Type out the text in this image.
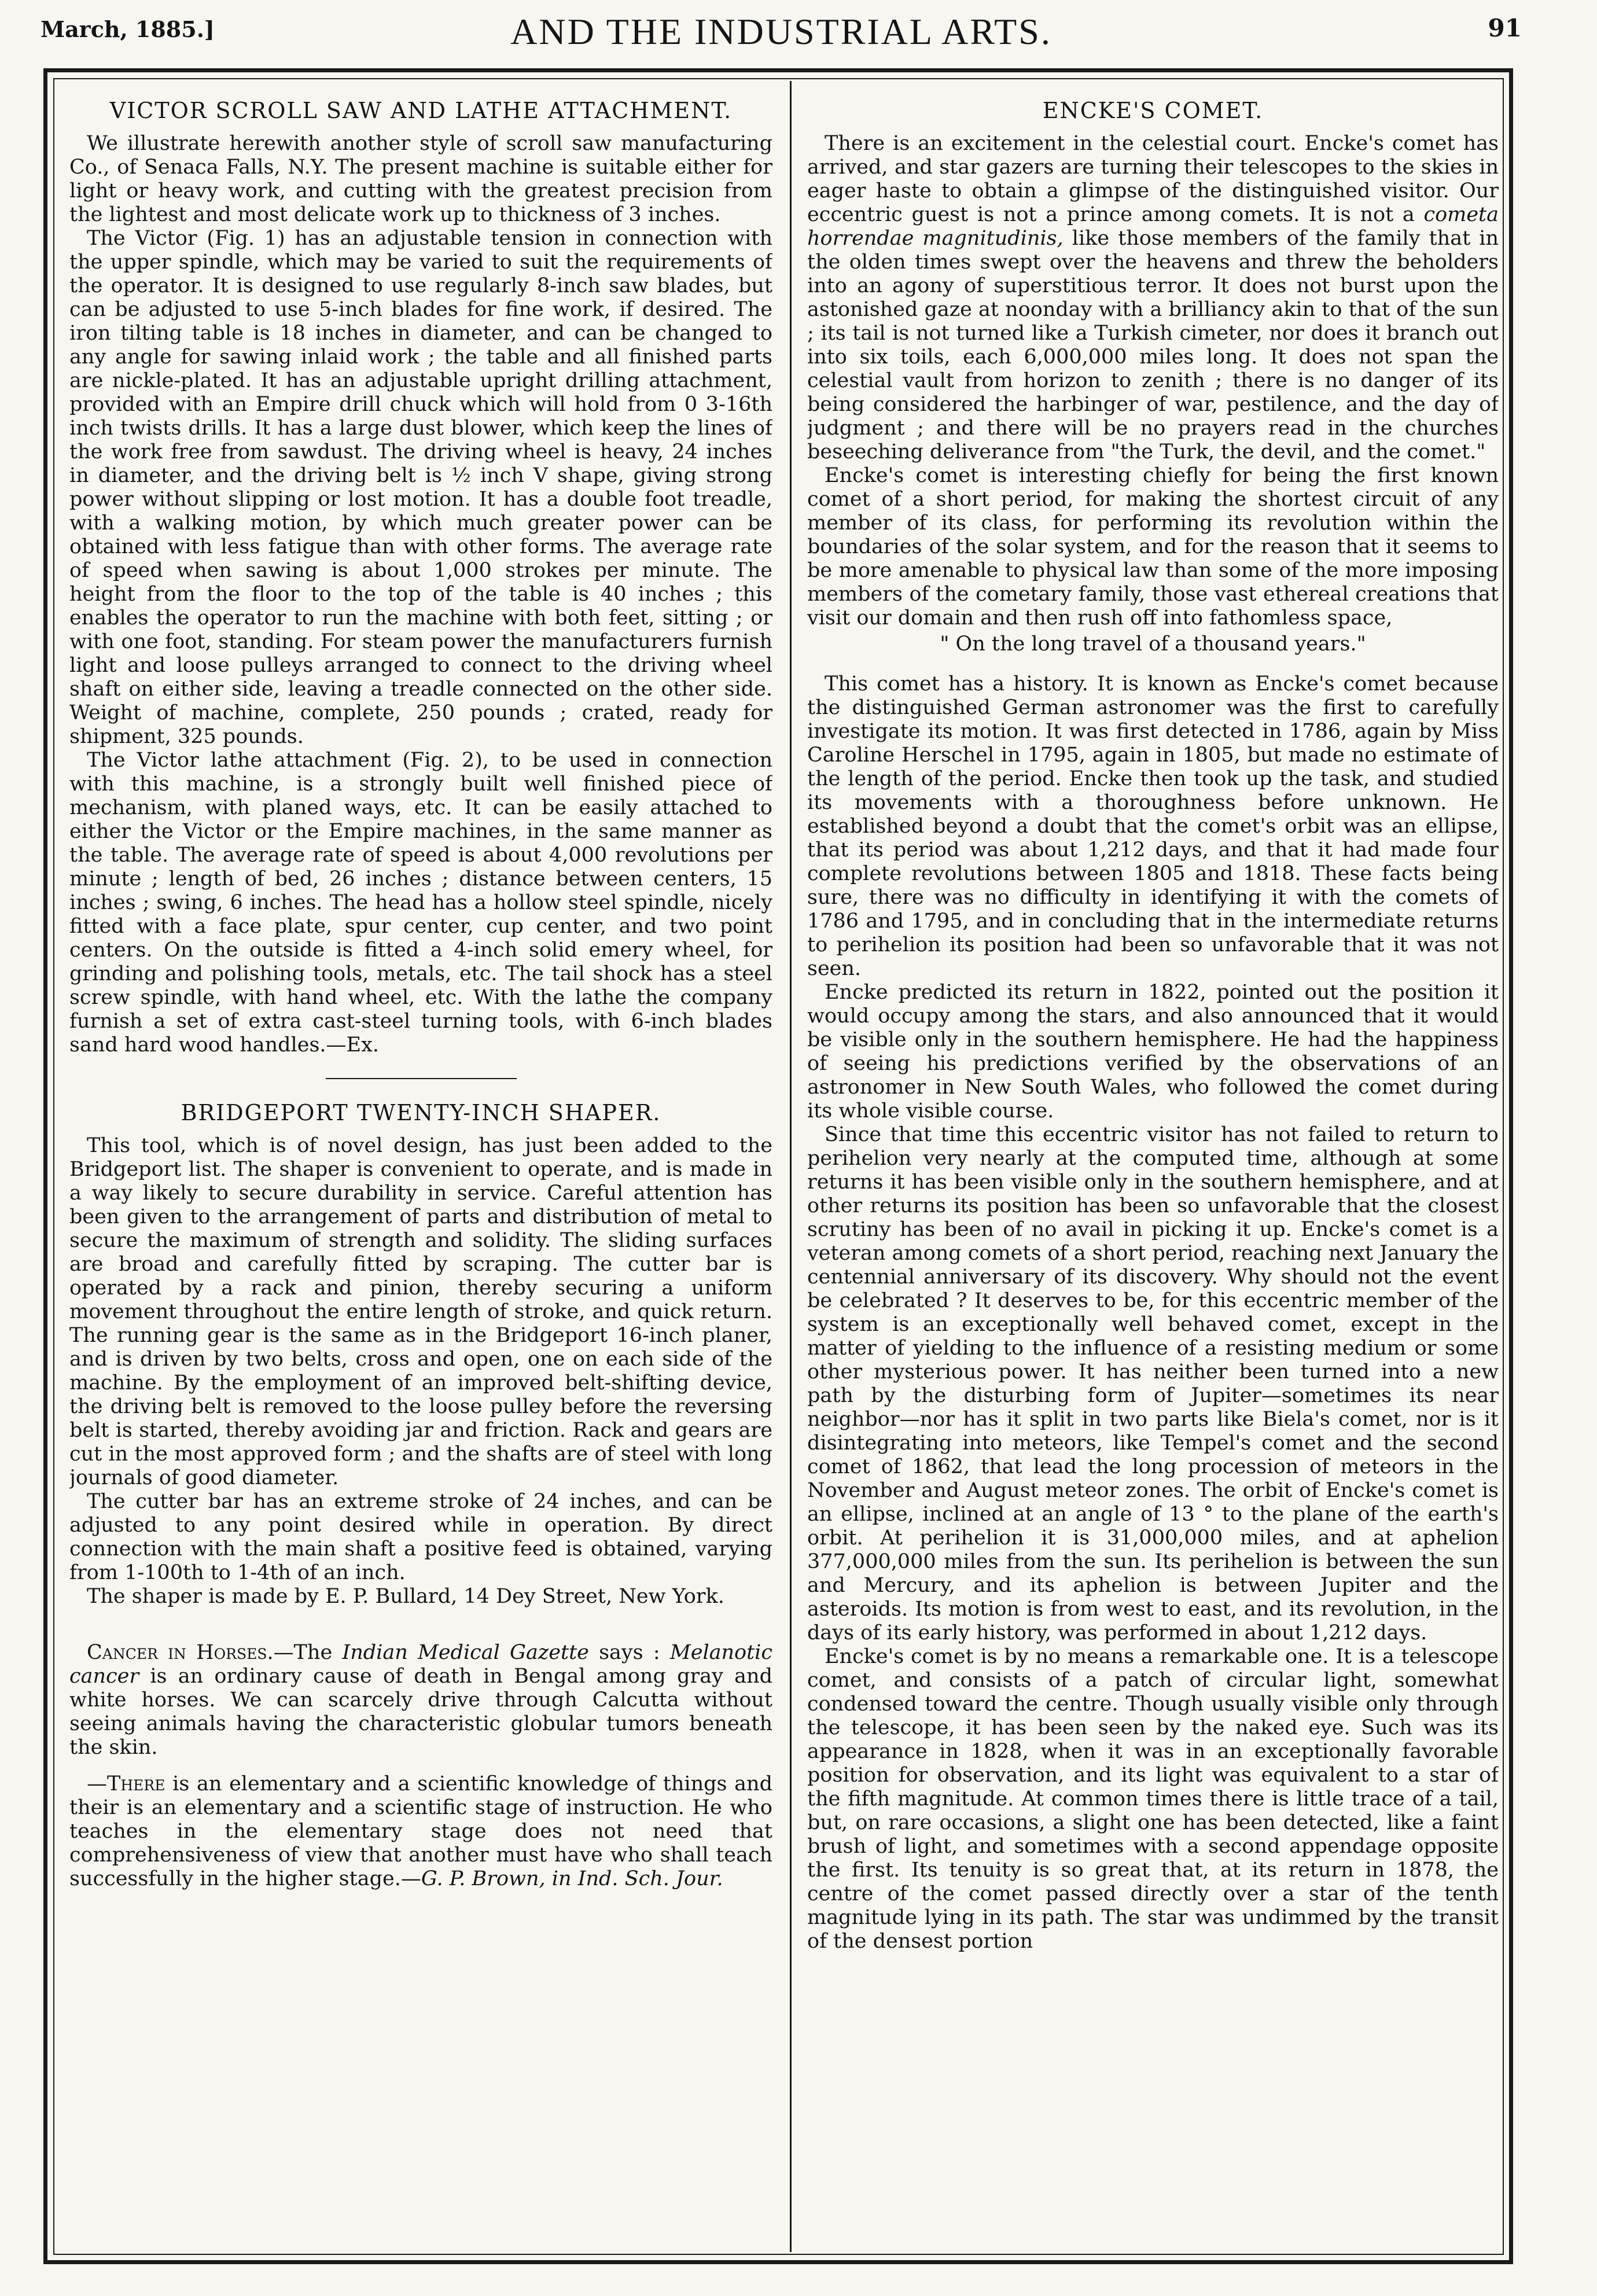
March, 1885.]	AND THE INDUSTRIAL ARTS.	91
VICTOR SCROLL SAW AND LATHE ATTACHMENT.

We illustrate herewith another style of scroll saw manufacturing Co., of Senaca Falls, N.Y. The present machine is suitable either for light or heavy work, and cutting with the greatest precision from the lightest and most delicate work up to thickness of 3 inches.

The Victor (Fig. 1) has an adjustable tension in connection with the upper spindle, which may be varied to suit the requirements of the operator. It is designed to use regularly 8-inch saw blades, but can be adjusted to use 5-inch blades for fine work, if desired. The iron tilting table is 18 inches in diameter, and can be changed to any angle for sawing inlaid work ; the table and all finished parts are nickle-plated. It has an adjustable upright drilling attachment, provided with an Empire drill chuck which will hold from 0 3-16th inch twists drills. It has a large dust blower, which keep the lines of the work free from sawdust. The driving wheel is heavy, 24 inches in diameter, and the driving belt is ½ inch V shape, giving strong power without slipping or lost motion. It has a double foot treadle, with a walking motion, by which much greater power can be obtained with less fatigue than with other forms. The average rate of speed when sawing is about 1,000 strokes per minute. The height from the floor to the top of the table is 40 inches ; this enables the operator to run the machine with both feet, sitting ; or with one foot, standing. For steam power the manufacturers furnish light and loose pulleys arranged to connect to the driving wheel shaft on either side, leaving a treadle connected on the other side. Weight of machine, complete, 250 pounds ; crated, ready for shipment, 325 pounds.

The Victor lathe attachment (Fig. 2), to be used in connection with this machine, is a strongly built well finished piece of mechanism, with planed ways, etc. It can be easily attached to either the Victor or the Empire machines, in the same manner as the table. The average rate of speed is about 4,000 revolutions per minute ; length of bed, 26 inches ; distance between centers, 15 inches ; swing, 6 inches. The head has a hollow steel spindle, nicely fitted with a face plate, spur center, cup center, and two point centers. On the outside is fitted a 4-inch solid emery wheel, for grinding and polishing tools, metals, etc. The tail shock has a steel screw spindle, with hand wheel, etc. With the lathe the company furnish a set of extra cast-steel turning tools, with 6-inch blades sand hard wood handles.—Ex.

BRIDGEPORT TWENTY-INCH SHAPER.

This tool, which is of novel design, has just been added to the Bridgeport list. The shaper is convenient to operate, and is made in a way likely to secure durability in service. Careful attention has been given to the arrangement of parts and distribution of metal to secure the maximum of strength and solidity. The sliding surfaces are broad and carefully fitted by scraping. The cutter bar is operated by a rack and pinion, thereby securing a uniform movement throughout the entire length of stroke, and quick return. The running gear is the same as in the Bridgeport 16-inch planer, and is driven by two belts, cross and open, one on each side of the machine. By the employment of an improved belt-shifting device, the driving belt is removed to the loose pulley before the reversing belt is started, thereby avoiding jar and friction. Rack and gears are cut in the most approved form ; and the shafts are of steel with long journals of good diameter.

The cutter bar has an extreme stroke of 24 inches, and can be adjusted to any point desired while in operation. By direct connection with the main shaft a positive feed is obtained, varying from 1-100th to 1-4th of an inch.

The shaper is made by E. P. Bullard, 14 Dey Street, New York.

Cancer in Horses.—The Indian Medical Gazette says : Melanotic cancer is an ordinary cause of death in Bengal among gray and white horses. We can scarcely drive through Calcutta without seeing animals having the characteristic globular tumors beneath the skin.

—There is an elementary and a scientific knowledge of things and their is an elementary and a scientific stage of instruction. He who teaches in the elementary stage does not need that comprehensiveness of view that another must have who shall teach successfully in the higher stage.—G. P. Brown, in Ind. Sch. Jour.

ENCKE'S COMET.

There is an excitement in the celestial court. Encke's comet has arrived, and star gazers are turning their telescopes to the skies in eager haste to obtain a glimpse of the distinguished visitor. Our eccentric guest is not a prince among comets. It is not a cometa horrendae magnitudinis, like those members of the family that in the olden times swept over the heavens and threw the beholders into an agony of superstitious terror. It does not burst upon the astonished gaze at noonday with a brilliancy akin to that of the sun ; its tail is not turned like a Turkish cimeter, nor does it branch out into six toils, each 6,000,000 miles long. It does not span the celestial vault from horizon to zenith ; there is no danger of its being considered the harbinger of war, pestilence, and the day of judgment ; and there will be no prayers read in the churches beseeching deliverance from "the Turk, the devil, and the comet."

Encke's comet is interesting chiefly for being the first known comet of a short period, for making the shortest circuit of any member of its class, for performing its revolution within the boundaries of the solar system, and for the reason that it seems to be more amenable to physical law than some of the more imposing members of the cometary family, those vast ethereal creations that visit our domain and then rush off into fathomless space,

" On the long travel of a thousand years."

This comet has a history. It is known as Encke's comet because the distinguished German astronomer was the first to carefully investigate its motion. It was first detected in 1786, again by Miss Caroline Herschel in 1795, again in 1805, but made no estimate of the length of the period. Encke then took up the task, and studied its movements with a thoroughness before unknown. He established beyond a doubt that the comet's orbit was an ellipse, that its period was about 1,212 days, and that it had made four complete revolutions between 1805 and 1818. These facts being sure, there was no difficulty in identifying it with the comets of 1786 and 1795, and in concluding that in the intermediate returns to perihelion its position had been so unfavorable that it was not seen.

Encke predicted its return in 1822, pointed out the position it would occupy among the stars, and also announced that it would be visible only in the southern hemisphere. He had the happiness of seeing his predictions verified by the observations of an astronomer in New South Wales, who followed the comet during its whole visible course.

Since that time this eccentric visitor has not failed to return to perihelion very nearly at the computed time, although at some returns it has been visible only in the southern hemisphere, and at other returns its position has been so unfavorable that the closest scrutiny has been of no avail in picking it up. Encke's comet is a veteran among comets of a short period, reaching next January the centennial anniversary of its discovery. Why should not the event be celebrated ? It deserves to be, for this eccentric member of the system is an exceptionally well behaved comet, except in the matter of yielding to the influence of a resisting medium or some other mysterious power. It has neither been turned into a new path by the disturbing form of Jupiter—sometimes its near neighbor—nor has it split in two parts like Biela's comet, nor is it disintegrating into meteors, like Tempel's comet and the second comet of 1862, that lead the long procession of meteors in the November and August meteor zones. The orbit of Encke's comet is an ellipse, inclined at an angle of 13 ° to the plane of the earth's orbit. At perihelion it is 31,000,000 miles, and at aphelion 377,000,000 miles from the sun. Its perihelion is between the sun and Mercury, and its aphelion is between Jupiter and the asteroids. Its motion is from west to east, and its revolution, in the days of its early history, was performed in about 1,212 days.

Encke's comet is by no means a remarkable one. It is a telescope comet, and consists of a patch of circular light, somewhat condensed toward the centre. Though usually visible only through the telescope, it has been seen by the naked eye. Such was its appearance in 1828, when it was in an exceptionally favorable position for observation, and its light was equivalent to a star of the fifth magnitude. At common times there is little trace of a tail, but, on rare occasions, a slight one has been detected, like a faint brush of light, and sometimes with a second appendage opposite the first. Its tenuity is so great that, at its return in 1878, the centre of the comet passed directly over a star of the tenth magnitude lying in its path. The star was undimmed by the transit of the densest portion
